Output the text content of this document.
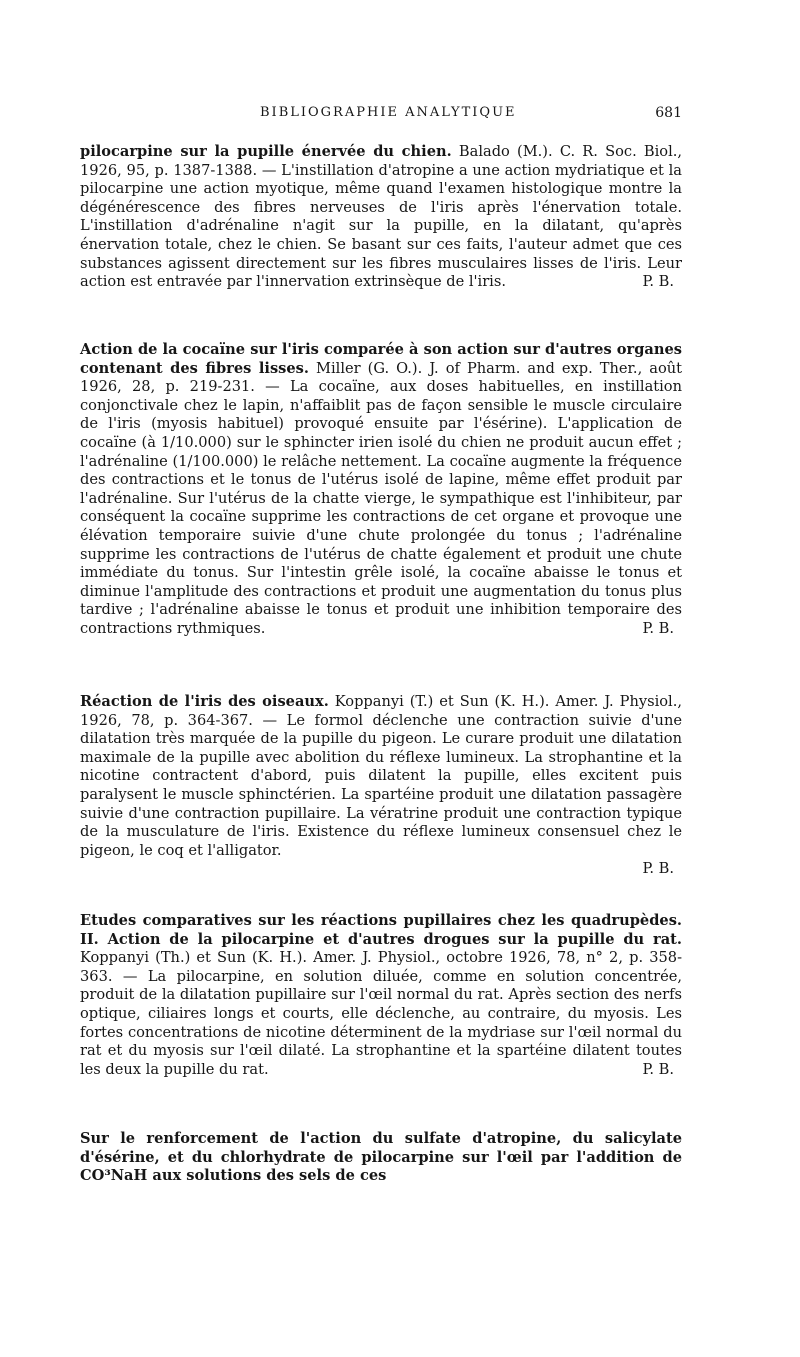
BIBLIOGRAPHIE ANALYTIQUE	681

pilocarpine sur la pupille énervée du chien. Balado (M.). C. R. Soc. Biol., 1926, 95, p. 1387-1388. — L'instillation d'atropine a une action mydriatique et la pilocarpine une action myotique, même quand l'examen histologique montre la dégénérescence des fibres nerveuses de l'iris après l'énervation totale. L'instillation d'adrénaline n'agit sur la pupille, en la dilatant, qu'après énervation totale, chez le chien. Se basant sur ces faits, l'auteur admet que ces substances agissent directement sur les fibres musculaires lisses de l'iris. Leur action est entravée par l'innervation extrinsèque de l'iris.	P. B.

Action de la cocaïne sur l'iris comparée à son action sur d'autres organes contenant des fibres lisses. Miller (G. O.). J. of Pharm. and exp. Ther., août 1926, 28, p. 219-231. — La cocaïne, aux doses habituelles, en instillation conjonctivale chez le lapin, n'affaiblit pas de façon sensible le muscle circulaire de l'iris (myosis habituel) provoqué ensuite par l'ésérine). L'application de cocaïne (à 1/10.000) sur le sphincter irien isolé du chien ne produit aucun effet ; l'adrénaline (1/100.000) le relâche nettement. La cocaïne augmente la fréquence des contractions et le tonus de l'utérus isolé de lapine, même effet produit par l'adrénaline. Sur l'utérus de la chatte vierge, le sympathique est l'inhibiteur, par conséquent la cocaïne supprime les contractions de cet organe et provoque une élévation temporaire suivie d'une chute prolongée du tonus ; l'adrénaline supprime les contractions de l'utérus de chatte également et produit une chute immédiate du tonus. Sur l'intestin grêle isolé, la cocaïne abaisse le tonus et diminue l'amplitude des contractions et produit une augmentation du tonus plus tardive ; l'adrénaline abaisse le tonus et produit une inhibition temporaire des contractions rythmiques.	P. B.

Réaction de l'iris des oiseaux. Koppanyi (T.) et Sun (K. H.). Amer. J. Physiol., 1926, 78, p. 364-367. — Le formol déclenche une contraction suivie d'une dilatation très marquée de la pupille du pigeon. Le curare produit une dilatation maximale de la pupille avec abolition du réflexe lumineux. La strophantine et la nicotine contractent d'abord, puis dilatent la pupille, elles excitent puis paralysent le muscle sphinctérien. La spartéine produit une dilatation passagère suivie d'une contraction pupillaire. La vératrine produit une contraction typique de la musculature de l'iris. Existence du réflexe lumineux consensuel chez le pigeon, le coq et l'alligator.
P. B.

Etudes comparatives sur les réactions pupillaires chez les quadrupèdes. II. Action de la pilocarpine et d'autres drogues sur la pupille du rat. Koppanyi (Th.) et Sun (K. H.). Amer. J. Physiol., octobre 1926, 78, n° 2, p. 358-363. — La pilocarpine, en solution diluée, comme en solution concentrée, produit de la dilatation pupillaire sur l'œil normal du rat. Après section des nerfs optique, ciliaires longs et courts, elle déclenche, au contraire, du myosis. Les fortes concentrations de nicotine déterminent de la mydriase sur l'œil normal du rat et du myosis sur l'œil dilaté. La strophantine et la spartéine dilatent toutes les deux la pupille du rat.	P. B.

Sur le renforcement de l'action du sulfate d'atropine, du salicylate d'ésérine, et du chlorhydrate de pilocarpine sur l'œil par l'addition de CO³NaH aux solutions des sels de ces
